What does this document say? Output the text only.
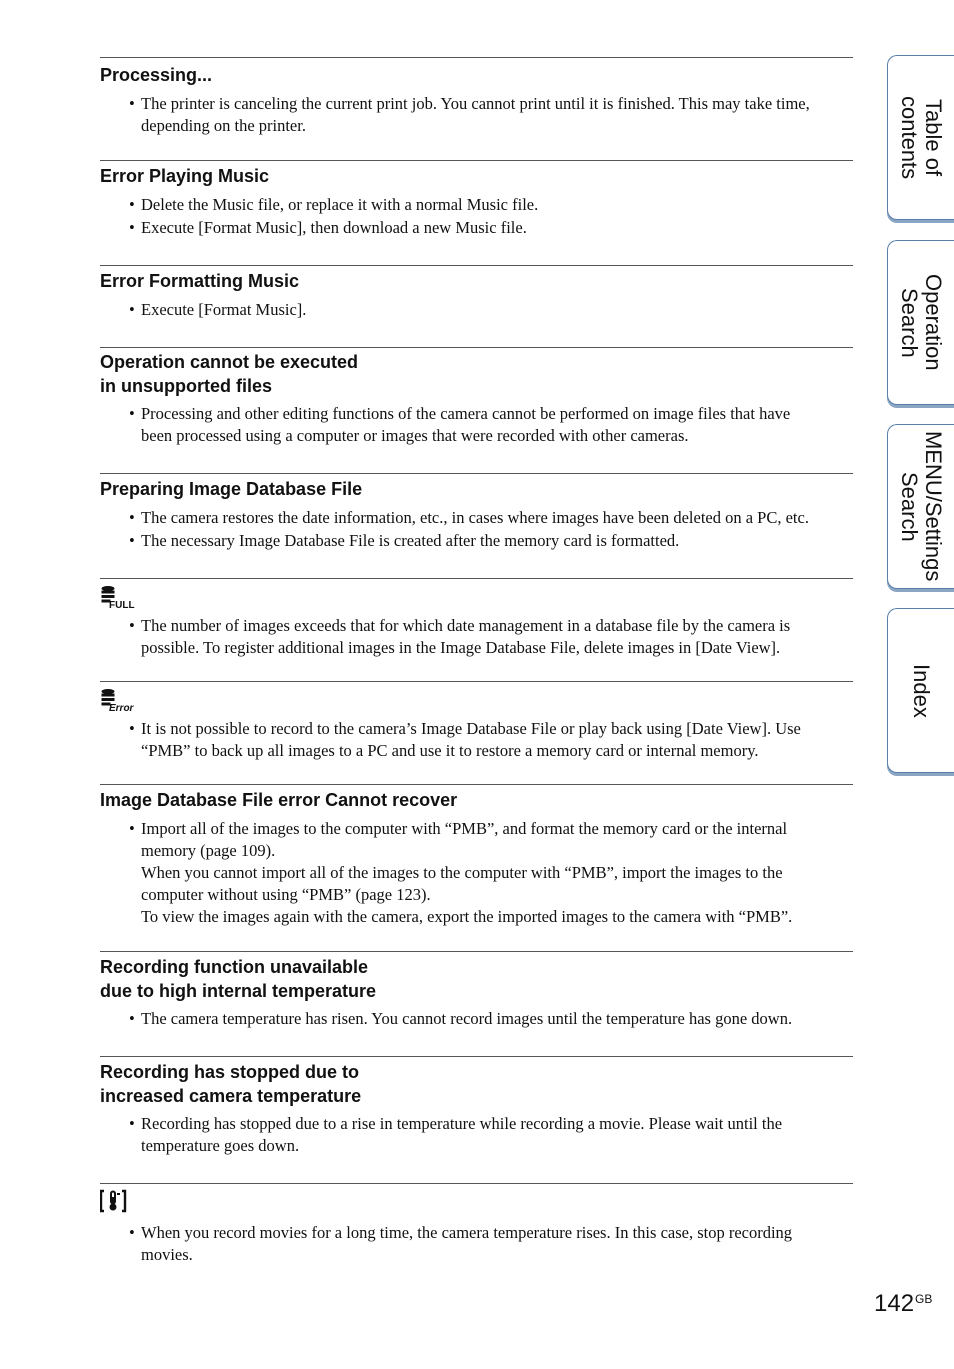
Processing...
• The printer is canceling the current print job. You cannot print until it is finished. This may take time,
depending on the printer.
Error Playing Music
• Delete the Music file, or replace it with a normal Music file.
• Execute [Format Music], then download a new Music file.
Error Formatting Music
• Execute [Format Music].
Operation cannot be executed
in unsupported files
• Processing and other editing functions of the camera cannot be performed on image files that have
been processed using a computer or images that were recorded with other cameras.
Preparing Image Database File
• The camera restores the date information, etc., in cases where images have been deleted on a PC, etc.
• The necessary Image Database File is created after the memory card is formatted.
FULL
• The number of images exceeds that for which date management in a database file by the camera is
possible. To register additional images in the Image Database File, delete images in [Date View].
Error
• It is not possible to record to the camera’s Image Database File or play back using [Date View]. Use
“PMB” to back up all images to a PC and use it to restore a memory card or internal memory.
Image Database File error Cannot recover
• Import all of the images to the computer with “PMB”, and format the memory card or the internal
memory (page 109).
When you cannot import all of the images to the computer with “PMB”, import the images to the
computer without using “PMB” (page 123).
To view the images again with the camera, export the imported images to the camera with “PMB”.
Recording function unavailable
due to high internal temperature
• The camera temperature has risen. You cannot record images until the temperature has gone down.
Recording has stopped due to
increased camera temperature
• Recording has stopped due to a rise in temperature while recording a movie. Please wait until the
temperature goes down.
• When you record movies for a long time, the camera temperature rises. In this case, stop recording
movies.
Table of
contents
Operation
Search
MENU/Settings
Search
Index
$142^{GB}$
